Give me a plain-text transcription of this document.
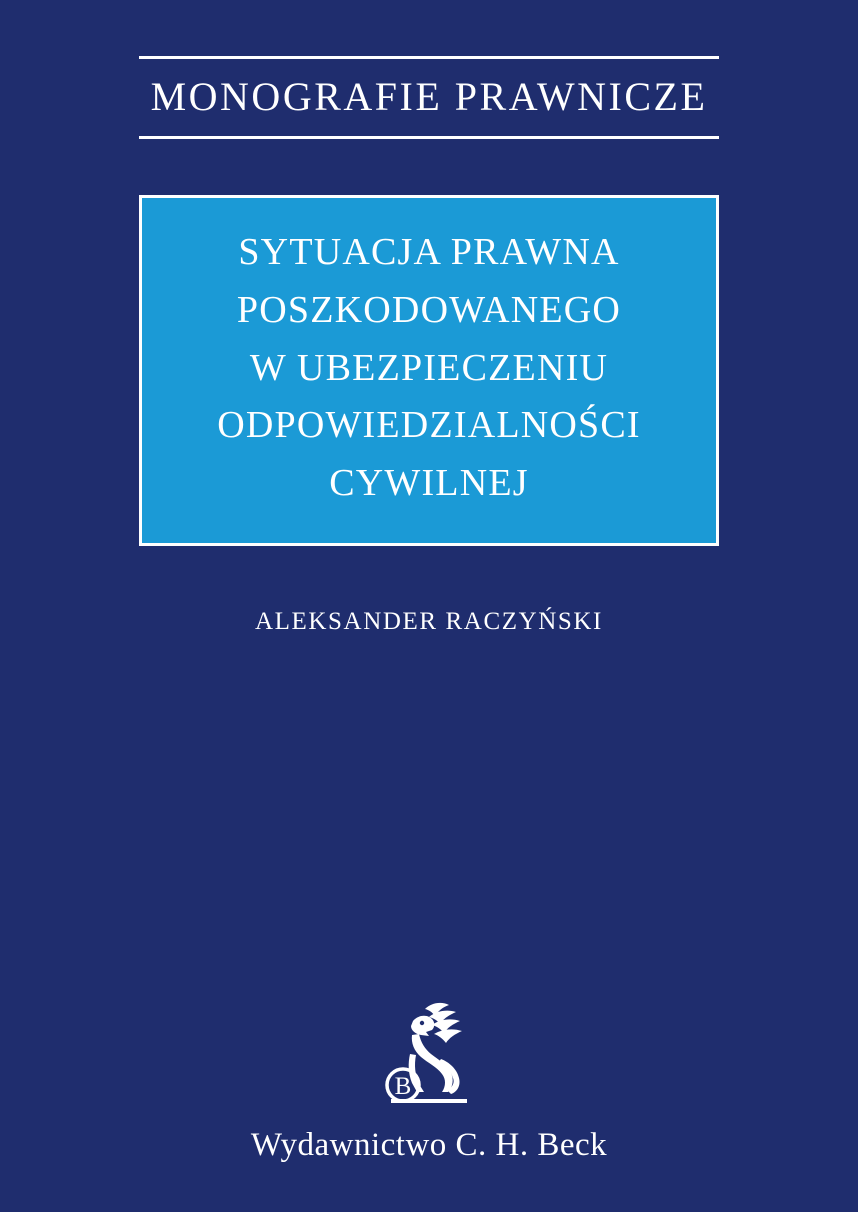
MONOGRAFIE PRAWNICZE
SYTUACJA PRAWNA
POSZKODOWANEGO
W UBEZPIECZENIU
ODPOWIEDZIALNOŚCI
CYWILNEJ
ALEKSANDER RACZYŃSKI
B
Wydawnictwo C. H. Beck
